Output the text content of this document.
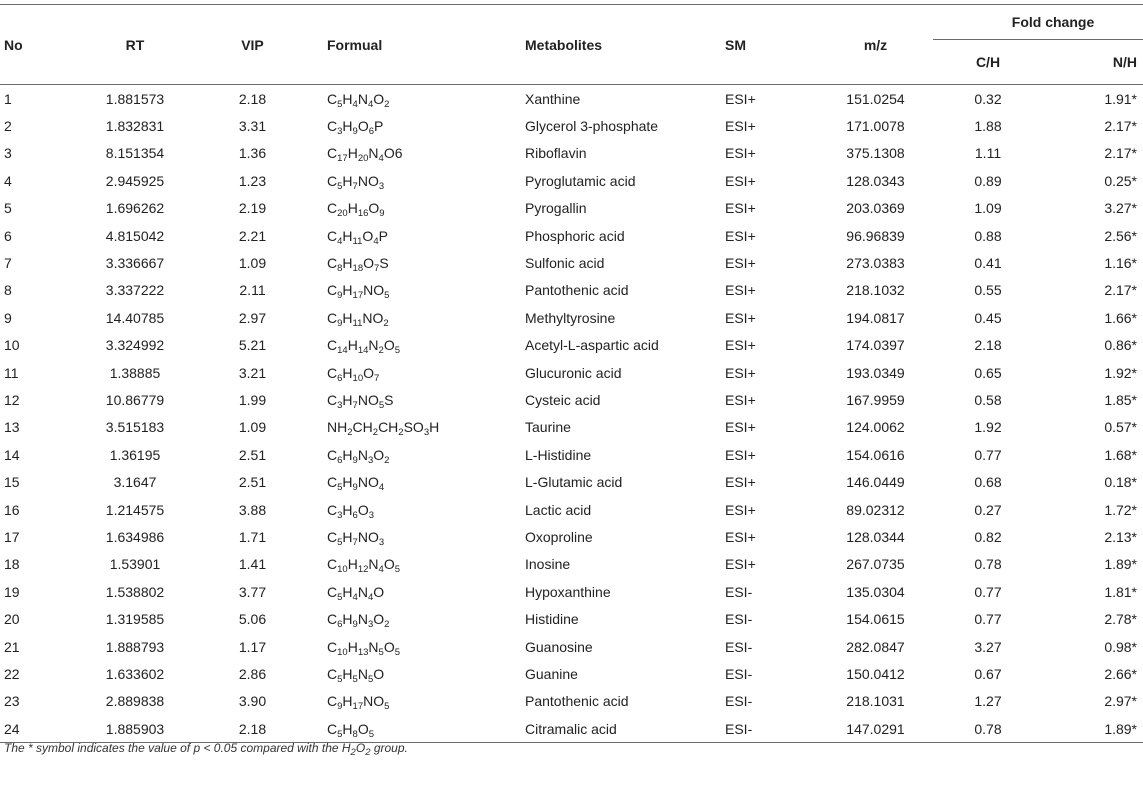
No	RT	VIP	Formual	Metabolites	SM	m/z	Fold change	
							C/H	N/H
1	1.881573	2.18	$C_5H_4N_4O_2$	Xanthine	ESI+	151.0254	0.32	1.91*
2	1.832831	3.31	$C_3H_9O_6P$	Glycerol 3-phosphate	ESI+	171.0078	1.88	2.17*
3	8.151354	1.36	$C_{17}H_{20}N_4O6$	Riboflavin	ESI+	375.1308	1.11	2.17*
4	2.945925	1.23	$C_5H_7NO_3$	Pyroglutamic acid	ESI+	128.0343	0.89	0.25*
5	1.696262	2.19	$C_{20}H_{16}O_9$	Pyrogallin	ESI+	203.0369	1.09	3.27*
6	4.815042	2.21	$C_4H_{11}O_4P$	Phosphoric acid	ESI+	96.96839	0.88	2.56*
7	3.336667	1.09	$C_8H_{18}O_7S$	Sulfonic acid	ESI+	273.0383	0.41	1.16*
8	3.337222	2.11	$C_9H_{17}NO_5$	Pantothenic acid	ESI+	218.1032	0.55	2.17*
9	14.40785	2.97	$C_9H_{11}NO_2$	Methyltyrosine	ESI+	194.0817	0.45	1.66*
10	3.324992	5.21	$C_{14}H_{14}N_2O_5$	Acetyl-L-aspartic acid	ESI+	174.0397	2.18	0.86*
11	1.38885	3.21	$C_6H_{10}O_7$	Glucuronic acid	ESI+	193.0349	0.65	1.92*
12	10.86779	1.99	$C_3H_7NO_5S$	Cysteic acid	ESI+	167.9959	0.58	1.85*
13	3.515183	1.09	$NH_2CH_2CH_2SO_3H$	Taurine	ESI+	124.0062	1.92	0.57*
14	1.36195	2.51	$C_6H_9N_3O_2$	L-Histidine	ESI+	154.0616	0.77	1.68*
15	3.1647	2.51	$C_5H_9NO_4$	L-Glutamic acid	ESI+	146.0449	0.68	0.18*
16	1.214575	3.88	$C_3H_6O_3$	Lactic acid	ESI+	89.02312	0.27	1.72*
17	1.634986	1.71	$C_5H_7NO_3$	Oxoproline	ESI+	128.0344	0.82	2.13*
18	1.53901	1.41	$C_{10}H_{12}N_4O_5$	Inosine	ESI+	267.0735	0.78	1.89*
19	1.538802	3.77	$C_5H_4N_4O$	Hypoxanthine	ESI-	135.0304	0.77	1.81*
20	1.319585	5.06	$C_6H_9N_3O_2$	Histidine	ESI-	154.0615	0.77	2.78*
21	1.888793	1.17	$C_{10}H_{13}N_5O_5$	Guanosine	ESI-	282.0847	3.27	0.98*
22	1.633602	2.86	$C_5H_5N_5O$	Guanine	ESI-	150.0412	0.67	2.66*
23	2.889838	3.90	$C_9H_{17}NO_5$	Pantothenic acid	ESI-	218.1031	1.27	2.97*
24	1.885903	2.18	$C_5H_8O_5$	Citramalic acid	ESI-	147.0291	0.78	1.89*
The * symbol indicates the value of p < 0.05 compared with the $H_2O_2$ group.
